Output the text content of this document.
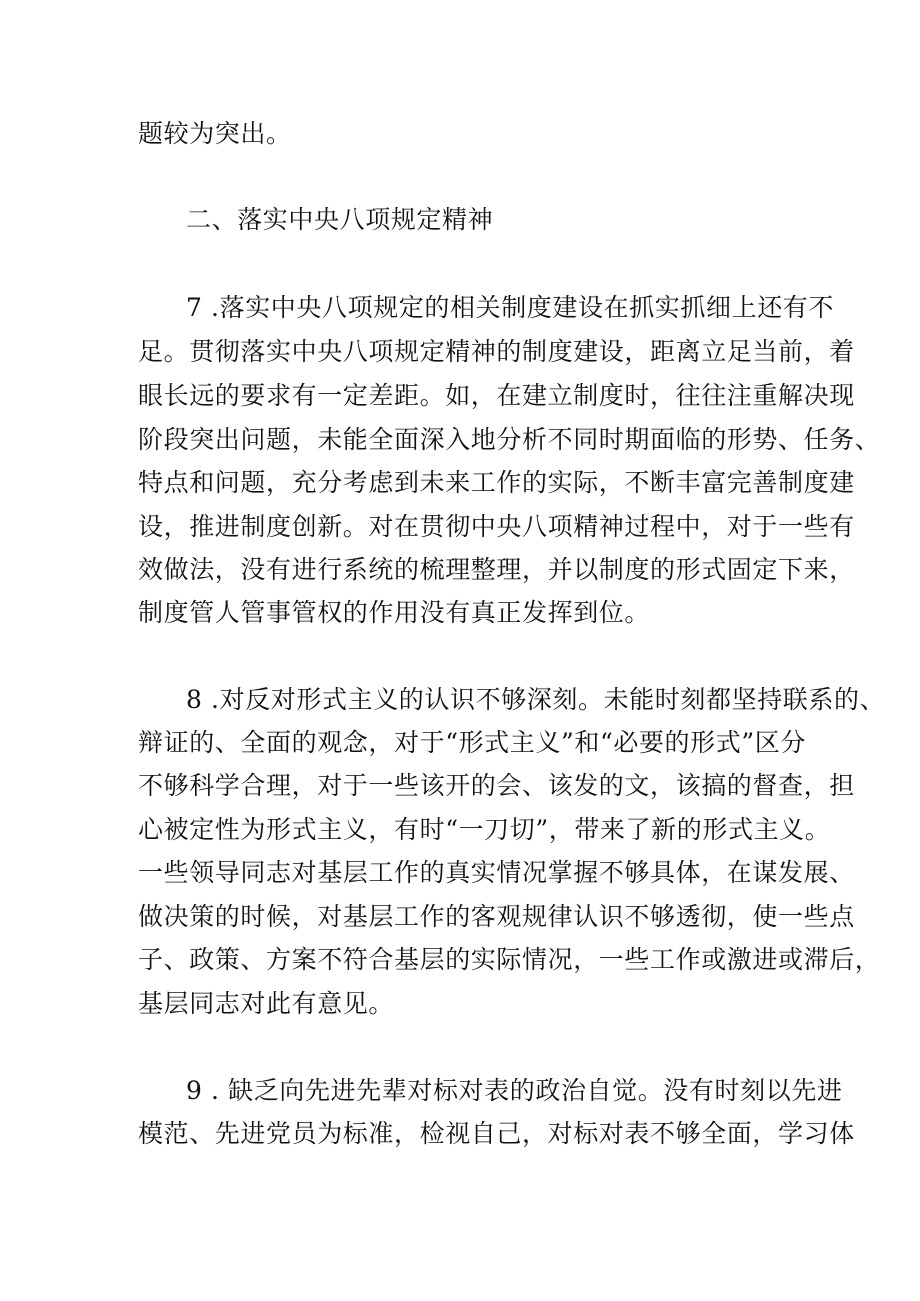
题较为突出。
二、落实中央八项规定精神
7 .落实中央八项规定的相关制度建设在抓实抓细上还有不
足。贯彻落实中央八项规定精神的制度建设，距离立足当前，着
眼长远的要求有一定差距。如，在建立制度时，往往注重解决现
阶段突出问题，未能全面深入地分析不同时期面临的形势、任务、
特点和问题，充分考虑到未来工作的实际，不断丰富完善制度建
设，推进制度创新。对在贯彻中央八项精神过程中，对于一些有
效做法，没有进行系统的梳理整理，并以制度的形式固定下来，
制度管人管事管权的作用没有真正发挥到位。
8 .对反对形式主义的认识不够深刻。未能时刻都坚持联系的、
辩证的、全面的观念，对于“形式主义”和“必要的形式”区分
不够科学合理，对于一些该开的会、该发的文，该搞的督查，担
心被定性为形式主义，有时“一刀切”，带来了新的形式主义。
一些领导同志对基层工作的真实情况掌握不够具体，在谋发展、
做决策的时候，对基层工作的客观规律认识不够透彻，使一些点
子、政策、方案不符合基层的实际情况，一些工作或激进或滞后，
基层同志对此有意见。
9 . 缺乏向先进先辈对标对表的政治自觉。没有时刻以先进
模范、先进党员为标准，检视自己，对标对表不够全面，学习体
